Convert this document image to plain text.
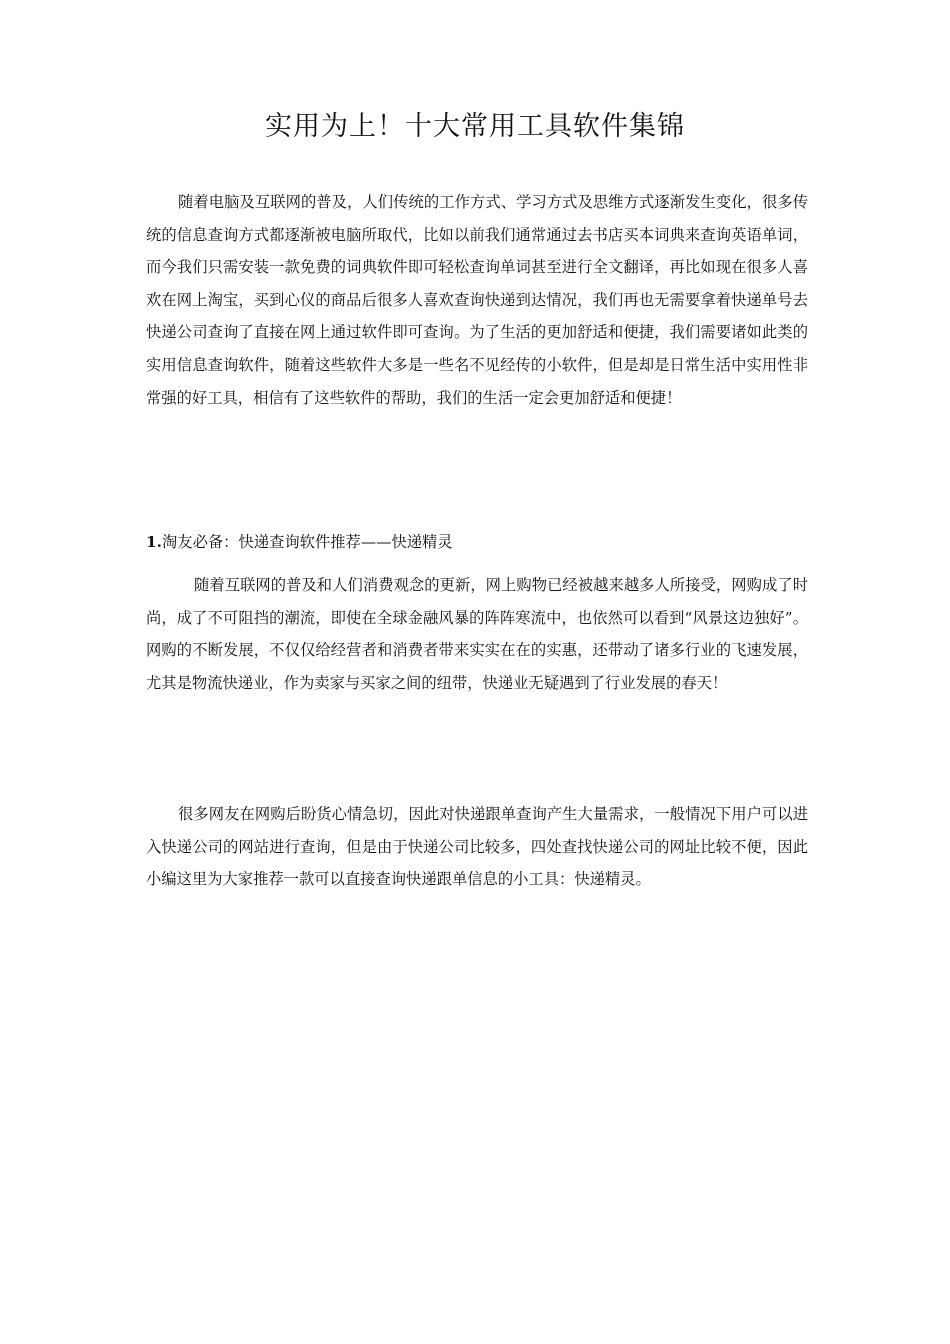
实用为上！十大常用工具软件集锦

随着电脑及互联网的普及，人们传统的工作方式、学习方式及思维方式逐渐发生变化，很多传统的信息查询方式都逐渐被电脑所取代，比如以前我们通常通过去书店买本词典来查询英语单词，而今我们只需安装一款免费的词典软件即可轻松查询单词甚至进行全文翻译，再比如现在很多人喜欢在网上淘宝，买到心仪的商品后很多人喜欢查询快递到达情况，我们再也无需要拿着快递单号去快递公司查询了直接在网上通过软件即可查询。为了生活的更加舒适和便捷，我们需要诸如此类的实用信息查询软件，随着这些软件大多是一些名不见经传的小软件，但是却是日常生活中实用性非常强的好工具，相信有了这些软件的帮助，我们的生活一定会更加舒适和便捷！

1.淘友必备：快递查询软件推荐——快递精灵

随着互联网的普及和人们消费观念的更新，网上购物已经被越来越多人所接受，网购成了时尚，成了不可阻挡的潮流，即使在全球金融风暴的阵阵寒流中，也依然可以看到“风景这边独好”。网购的不断发展，不仅仅给经营者和消费者带来实实在在的实惠，还带动了诸多行业的飞速发展，尤其是物流快递业，作为卖家与买家之间的纽带，快递业无疑遇到了行业发展的春天！

很多网友在网购后盼货心情急切，因此对快递跟单查询产生大量需求，一般情况下用户可以进入快递公司的网站进行查询，但是由于快递公司比较多，四处查找快递公司的网址比较不便，因此小编这里为大家推荐一款可以直接查询快递跟单信息的小工具：快递精灵。
